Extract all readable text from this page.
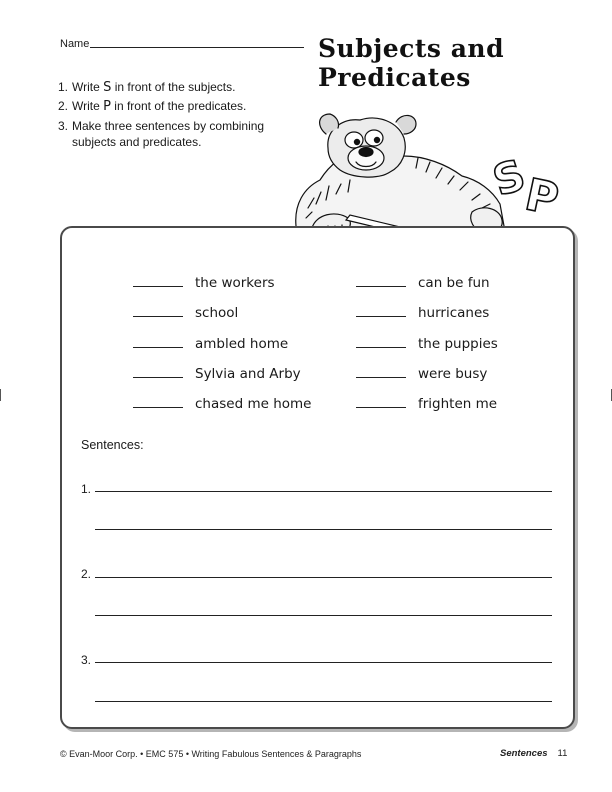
Name	Subjects and
Predicates
1. Write S in front of the subjects.
2. Write P in front of the predicates.
3. Make three sentences by combining
subjects and predicates.
S
P
the workers
school
ambled home
Sylvia and Arby
chased me home
can be fun
hurricanes
the puppies
were busy
frighten me
Sentences:
1.
2.
3.
© Evan-Moor Corp. • EMC 575 • Writing Fabulous Sentences & Paragraphs	Sentences 11
